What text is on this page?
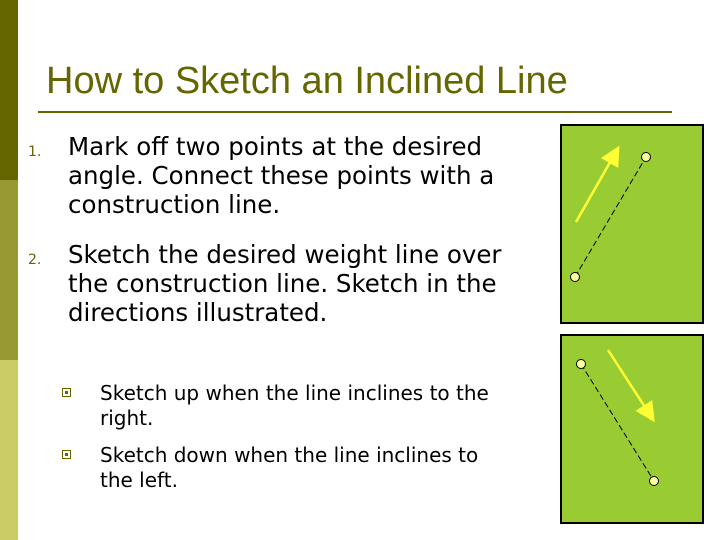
How to Sketch an Inclined Line
1. Mark off two points at the desired angle. Connect these points with a construction line.
2. Sketch the desired weight line over the construction line. Sketch in the directions illustrated.
Sketch up when the line inclines to the right.
Sketch down when the line inclines to the left.
